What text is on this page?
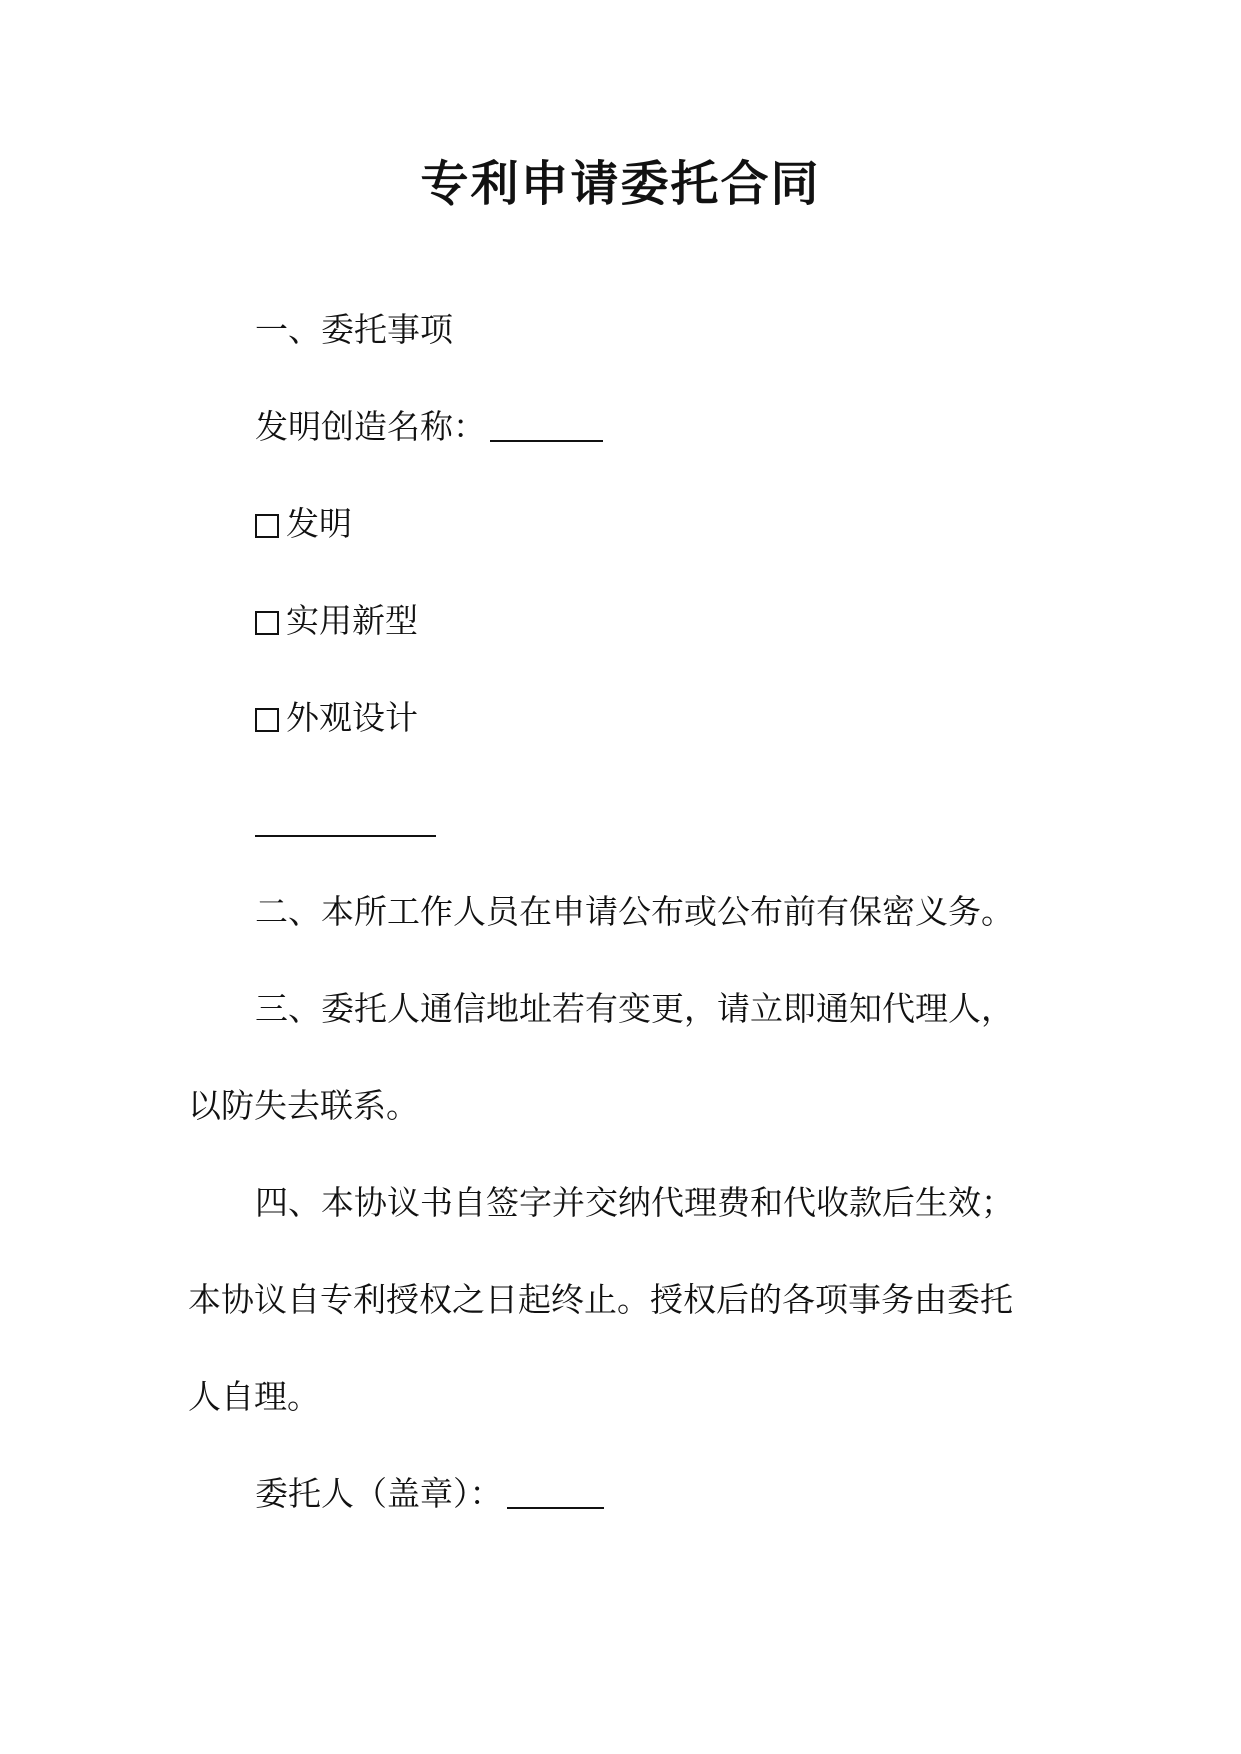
专利申请委托合同

一、委托事项

发明创造名称：

发明

实用新型

外观设计

二、本所工作人员在申请公布或公布前有保密义务。

三、委托人通信地址若有变更，请立即通知代理人，

以防失去联系。

四、本协议书自签字并交纳代理费和代收款后生效；

本协议自专利授权之日起终止。授权后的各项事务由委托

人自理。

委托人（盖章）：
